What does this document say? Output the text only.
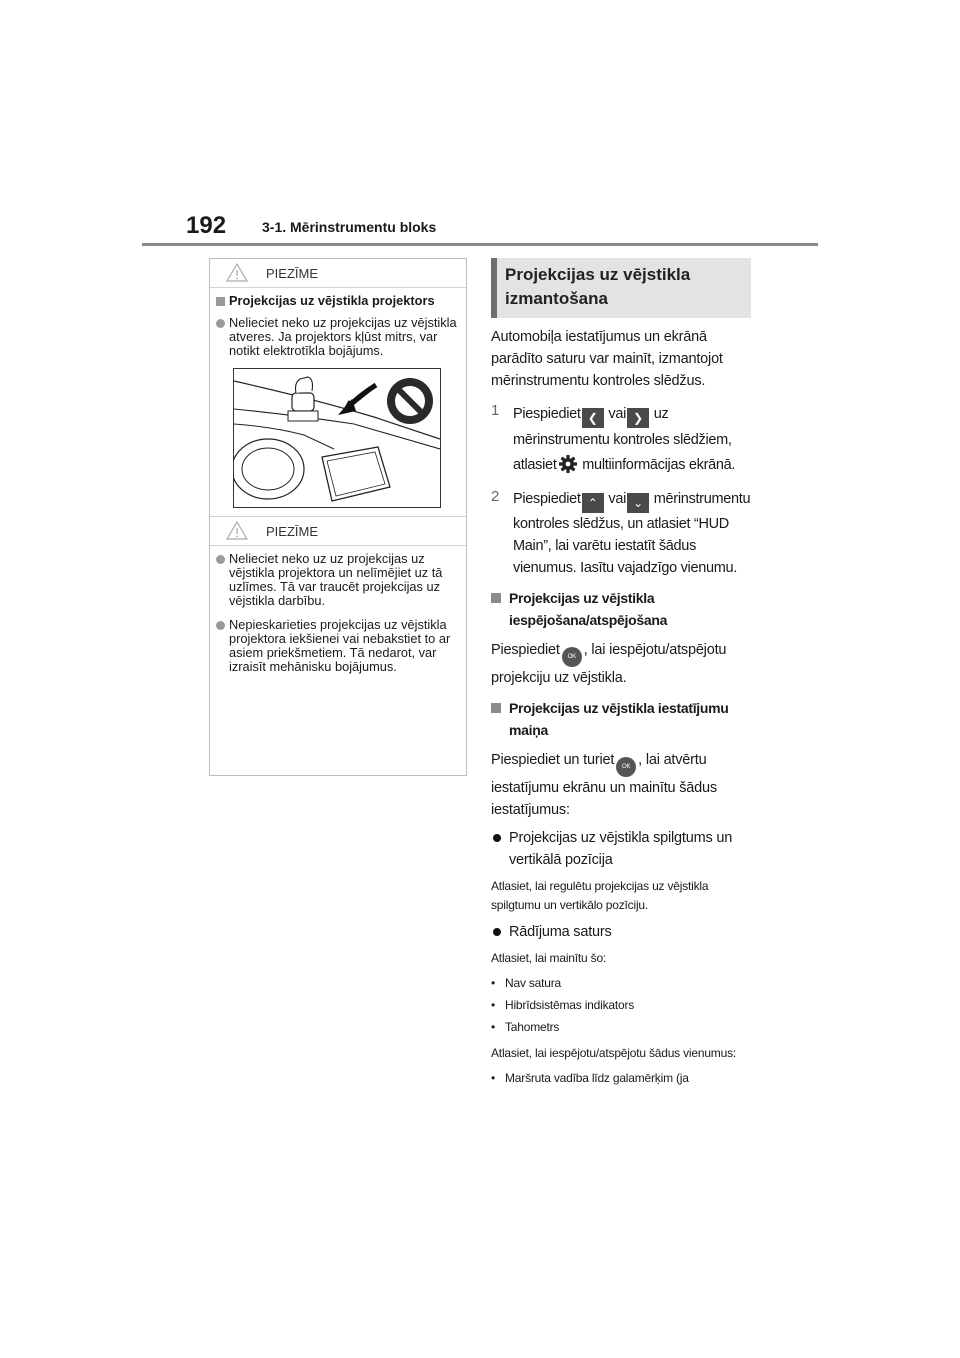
192	3-1. Mērinstrumentu bloks
PIEZĪME
Projekcijas uz vējstikla projektors
Nelieciet neko uz projekcijas uz vējstikla atveres. Ja projektors kļūst mitrs, var notikt elektrotīkla bojājums.
PIEZĪME
Nelieciet neko uz uz projekcijas uz vējstikla projektora un nelīmējiet uz tā uzlīmes. Tā var traucēt projekcijas uz vējstikla darbību.
Nepieskarieties projekcijas uz vējstikla projektora iekšienei vai nebakstiet to ar asiem priekšmetiem. Tā nedarot, var izraisīt mehānisku bojājumus.
Projekcijas uz vējstikla izmantošana
Automobiļa iestatījumus un ekrānā parādīto saturu var mainīt, izmantojot mērinstrumentu kontroles slēdžus.
1 Piespiediet ❮ vai ❯ uz mērinstrumentu kontroles slēdžiem, atlasiet multiinformācijas ekrānā.
2 Piespiediet ⌃ vai ⌄ mērinstrumentu kontroles slēdžus, un atlasiet “HUD Main”, lai varētu iestatīt šādus vienumus. Iasītu vajadzīgo vienumu.
Projekcijas uz vējstikla iespējošana/atspējošana
Piespiediet OK , lai iespējotu/atspējotu projekciju uz vējstikla.
Projekcijas uz vējstikla iestatījumu maiņa
Piespiediet un turiet OK , lai atvērtu iestatījumu ekrānu un mainītu šādus iestatījumus:
Projekcijas uz vējstikla spilgtums un vertikālā pozīcija
Atlasiet, lai regulētu projekcijas uz vējstikla spilgtumu un vertikālo pozīciju.
Rādījuma saturs
Atlasiet, lai mainītu šo:
• Nav satura
• Hibrīdsistēmas indikators
• Tahometrs
Atlasiet, lai iespējotu/atspējotu šādus vienumus:
• Maršruta vadība līdz galamērķim (ja
